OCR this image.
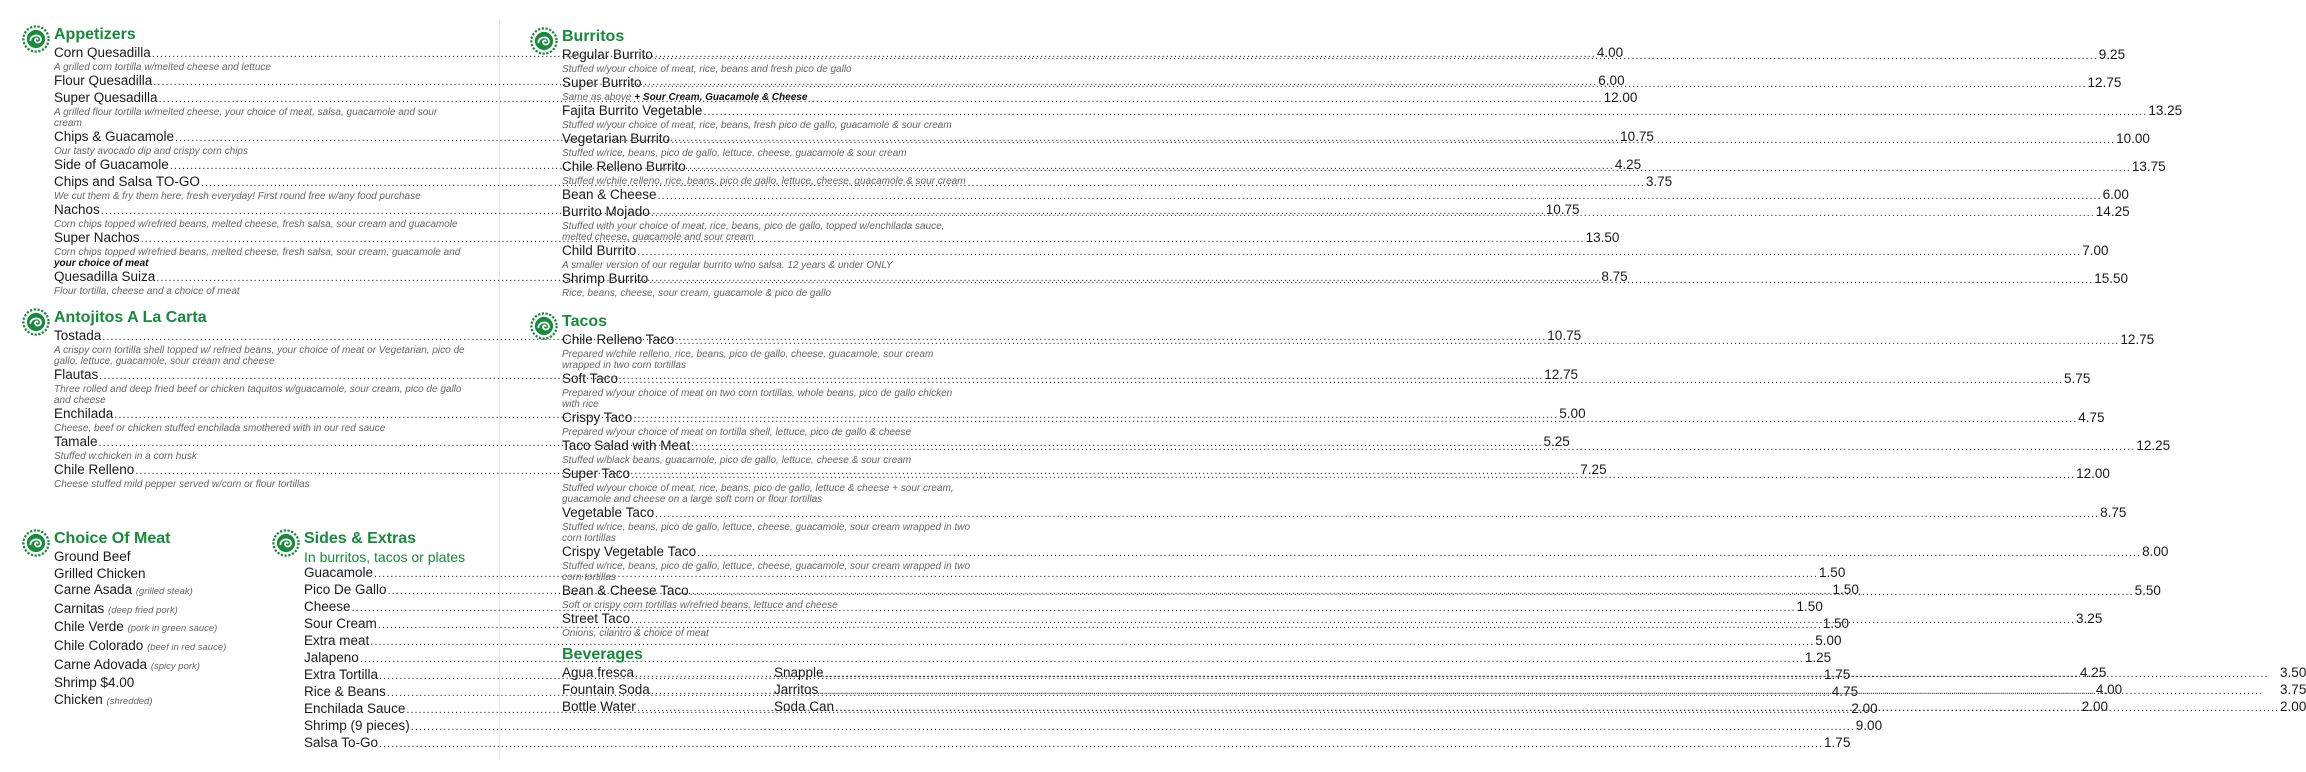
Appetizers
Corn Quesadilla .....	4.00
A grilled corn tortilla w/melted cheese and lettuce
Flour Quesadilla .....	6.00
Super Quesadilla .....	12.00
A grilled flour tortilla w/melted cheese, your choice of meat, salsa, guacamole and sour cream
Chips & Guacamole .....	10.75
Our tasty avocado dip and crispy corn chips
Side of Guacamole .....	4.25
Chips and Salsa TO-GO .....	3.75
We cut them & fry them here, fresh everyday! First round free w/any food purchase
Nachos .....	10.75
Corn chips topped w/refried beans, melted cheese, fresh salsa, sour cream and guacamole
Super Nachos .....	13.50
Corn chips topped w/refried beans, melted cheese, fresh salsa, sour cream, guacamole and your choice of meat
Quesadilla Suiza .....	8.75
Flour tortilla, cheese and a choice of meat
Antojitos A La Carta
Tostada .....	10.75
A crispy corn tortilla shell topped w/ refried beans, your choice of meat or Vegetarian, pico de gallo, lettuce, guacamole, sour cream and cheese
Flautas .....	12.75
Three rolled and deep fried beef or chicken taquitos w/guacamole, sour cream, pico de gallo and cheese
Enchilada .....	5.00
Cheese, beef or chicken stuffed enchilada smothered with in our red sauce
Tamale .....	5.25
Stuffed w.chicken in a corn husk
Chile Relleno .....	7.25
Cheese stuffed mild pepper served w/corn or flour tortillas
Choice Of Meat
Ground Beef
Grilled Chicken
Carne Asada (grilled steak)
Carnitas (deep fried pork)
Chile Verde (pork in green sauce)
Chile Colorado (beef in red sauce)
Carne Adovada (spicy pork)
Shrimp $4.00
Chicken (shredded)
Sides & Extras
In burritos, tacos or plates
Guacamole .....	1.50
Pico De Gallo .....	1.50
Cheese .....	1.50
Sour Cream .....	1.50
Extra meat .....	5.00
Jalapeno .....	1.25
Extra Tortilla .....	1.75
Rice & Beans .....	4.75
Enchilada Sauce .....	2.00
Shrimp (9 pieces) .....	9.00
Salsa To-Go .....	1.75
Burritos
Regular Burrito .....	9.25
Stuffed w/your choice of meat, rice, beans and fresh pico de gallo
Super Burrito .....	12.75
Same as above + Sour Cream, Guacamole & Cheese
Fajita Burrito Vegetable .....	13.25
Stuffed w/your choice of meat, rice, beans, fresh pico de gallo, guacamole & sour cream
Vegetarian Burrito .....	10.00
Stuffed w/rice, beans, pico de gallo, lettuce, cheese, guacamole & sour cream
Chile Relleno Burrito .....	13.75
Stuffed w/chile relleno, rice, beans, pico de gallo, lettuce, cheese, guacamole & sour cream
Bean & Cheese .....	6.00
Burrito Mojado .....	14.25
Stuffed with your choice of meat, rice, beans, pico de gallo, topped w/enchilada sauce, melted cheese, guacamole and sour cream
Child Burrito .....	7.00
A smaller version of our regular burrito w/no salsa. 12 years & under ONLY
Shrimp Burrito .....	15.50
Rice, beans, cheese, sour cream, guacamole & pico de gallo
Tacos
Chile Relleno Taco .....	12.75
Prepared w/chile relleno, rice, beans, pico de gallo, cheese, guacamole, sour cream wrapped in two corn tortillas
Soft Taco .....	5.75
Prepared w/your choice of meat on two corn tortillas, whole beans, pico de gallo chicken with rice
Crispy Taco .....	4.75
Prepared w/your choice of meat on tortilla shell, lettuce, pico de gallo & cheese
Taco Salad with Meat .....	12.25
Stuffed w/black beans, guacamole, pico de gallo, lettuce, cheese & sour cream
Super Taco .....	12.00
Stuffed w/your choice of meat, rice, beans, pico de gallo, lettuce & cheese + sour cream, guacamole and cheese on a large soft corn or flour tortillas
Vegetable Taco .....	8.75
Stuffed w/rice, beans, pico de gallo, lettuce, cheese, guacamole, sour cream wrapped in two corn tortillas
Crispy Vegetable Taco .....	8.00
Stuffed w/rice, beans, pico de gallo, lettuce, cheese, guacamole, sour cream wrapped in two corn tortillas
Bean & Cheese Taco .....	5.50
Soft or crispy corn tortillas w/refried beans, lettuce and cheese
Street Taco .....	3.25
Onions, cilantro & choice of meat
Beverages
Agua fresca .....	4.25
Fountain Soda .....	4.00
Bottle Water .....	2.00
Snapple .....	3.50
Jarritos .....	3.75
Soda Can .....	2.00
